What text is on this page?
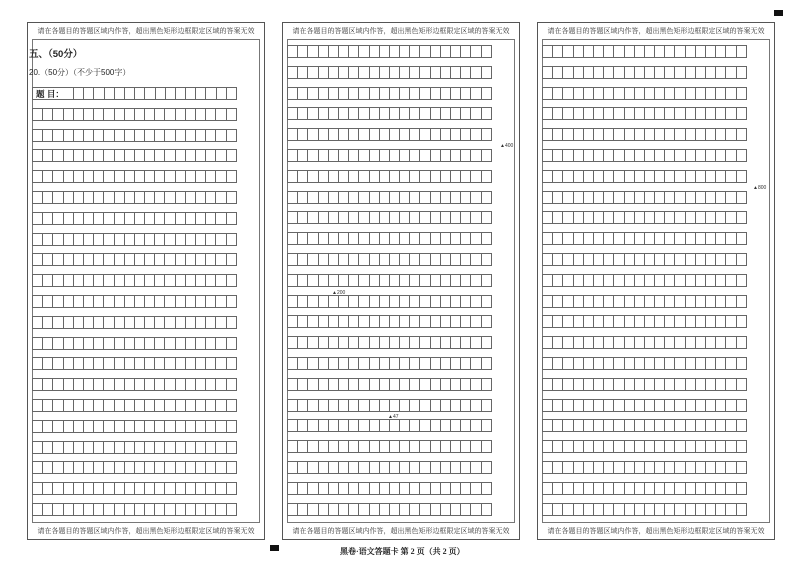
请在各题目的答题区域内作答，超出黑色矩形边框限定区域的答案无效
请在各题目的答题区域内作答，超出黑色矩形边框限定区域的答案无效
五、（50分）
20.（50分）（不少于500字）
题 目：
请在各题目的答题区域内作答，超出黑色矩形边框限定区域的答案无效
请在各题目的答题区域内作答，超出黑色矩形边框限定区域的答案无效
请在各题目的答题区域内作答，超出黑色矩形边框限定区域的答案无效
请在各题目的答题区域内作答，超出黑色矩形边框限定区域的答案无效
▲200
▲400
▲47
▲800
黑卷·语文答题卡 第 2 页（共 2 页）
